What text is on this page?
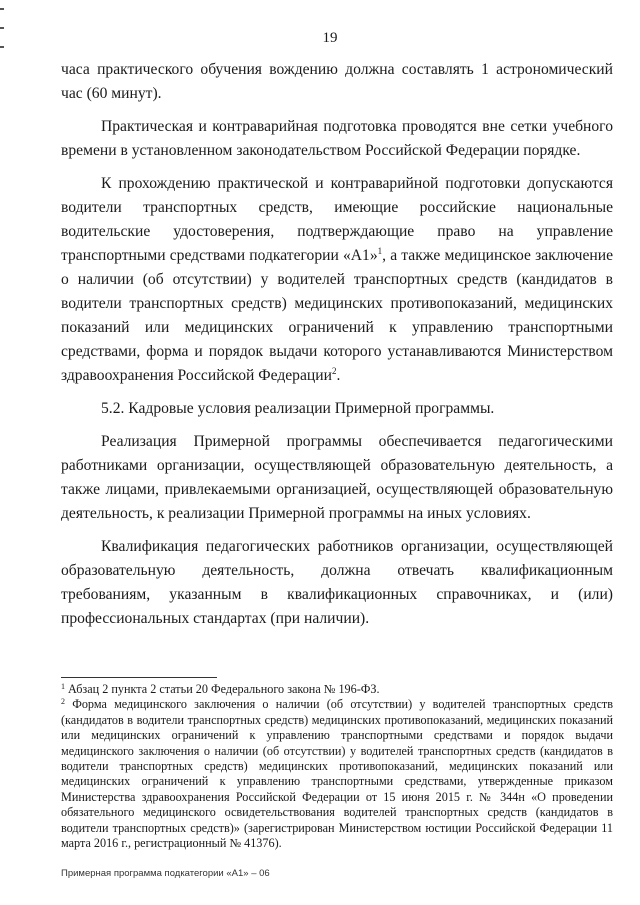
19

часа практического обучения вождению должна составлять 1 астрономический час (60 минут).

Практическая и контраварийная подготовка проводятся вне сетки учебного времени в установленном законодательством Российской Федерации порядке.

К прохождению практической и контраварийной подготовки допускаются водители транспортных средств, имеющие российские национальные водительские удостоверения, подтверждающие право на управление транспортными средствами подкатегории «А1»$^1$, а также медицинское заключение о наличии (об отсутствии) у водителей транспортных средств (кандидатов в водители транспортных средств) медицинских противопоказаний, медицинских показаний или медицинских ограничений к управлению транспортными средствами, форма и порядок выдачи которого устанавливаются Министерством здравоохранения Российской Федерации$^2$.

5.2. Кадровые условия реализации Примерной программы.

Реализация Примерной программы обеспечивается педагогическими работниками организации, осуществляющей образовательную деятельность, а также лицами, привлекаемыми организацией, осуществляющей образовательную деятельность, к реализации Примерной программы на иных условиях.

Квалификация педагогических работников организации, осуществляющей образовательную деятельность, должна отвечать квалификационным требованиям, указанным в квалификационных справочниках, и (или) профессиональных стандартах (при наличии).

$^1$ Абзац 2 пункта 2 статьи 20 Федерального закона № 196-ФЗ.

$^2$ Форма медицинского заключения о наличии (об отсутствии) у водителей транспортных средств (кандидатов в водители транспортных средств) медицинских противопоказаний, медицинских показаний или медицинских ограничений к управлению транспортными средствами и порядок выдачи медицинского заключения о наличии (об отсутствии) у водителей транспортных средств (кандидатов в водители транспортных средств) медицинских противопоказаний, медицинских показаний или медицинских ограничений к управлению транспортными средствами, утвержденные приказом Министерства здравоохранения Российской Федерации от 15 июня 2015 г. № 344н «О проведении обязательного медицинского освидетельствования водителей транспортных средств (кандидатов в водители транспортных средств)» (зарегистрирован Министерством юстиции Российской Федерации 11 марта 2016 г., регистрационный № 41376).

Примерная программа подкатегории «А1» – 06
